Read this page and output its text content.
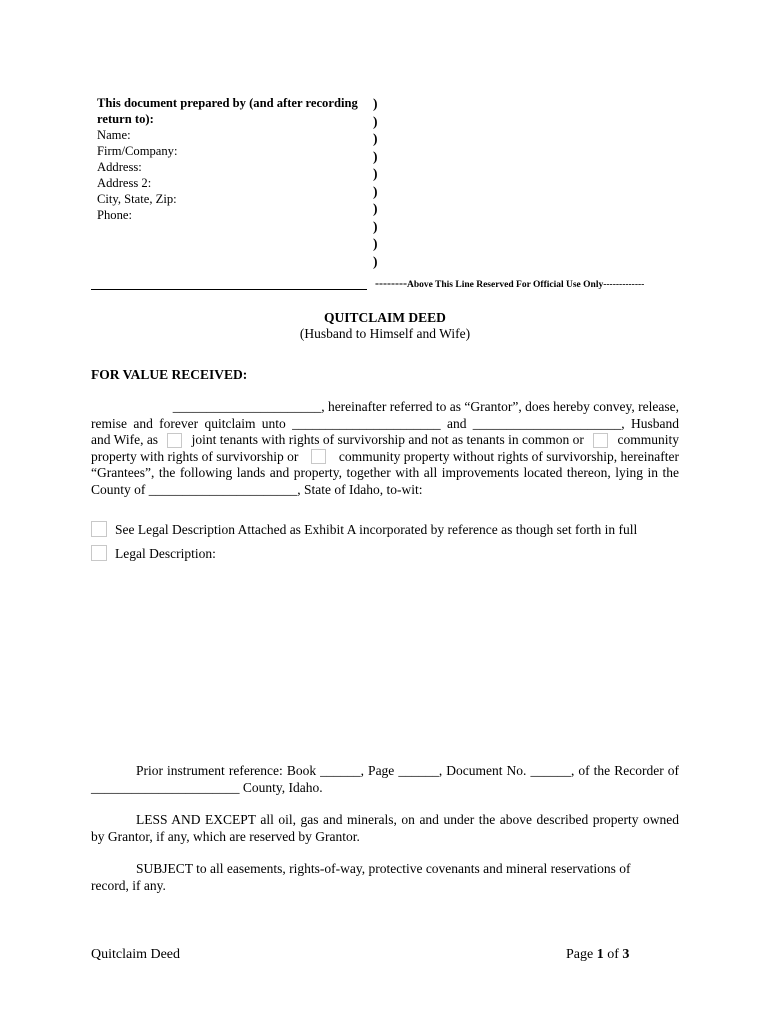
This document prepared by (and after recording
return to):
Name:
Firm/Company:
Address:
Address 2:
City, State, Zip:
Phone:
)
)
)
)
)
)
)
)
)
)
--------Above This Line Reserved For Official Use Only-------------
QUITCLAIM DEED
(Husband to Himself and Wife)
FOR VALUE RECEIVED:
______________________, hereinafter referred to as “Grantor”, does hereby convey, release,
remise and forever quitclaim unto ______________________ and ______________________, Husband
and Wife, as joint tenants with rights of survivorship and not as tenants in common or community
property with rights of survivorship or	community property without rights of survivorship, hereinafter
“Grantees”, the following lands and property, together with all improvements located thereon, lying in the
County of ______________________, State of Idaho, to-wit:
See Legal Description Attached as Exhibit A incorporated by reference as though set forth in full
Legal Description:
Prior instrument reference: Book ______, Page ______, Document No. ______, of the Recorder of
______________________ County, Idaho.
LESS AND EXCEPT all oil, gas and minerals, on and under the above described property owned
by Grantor, if any, which are reserved by Grantor.
SUBJECT to all easements, rights-of-way, protective covenants and mineral reservations of
record, if any.
Quitclaim Deed	Page 1 of 3
